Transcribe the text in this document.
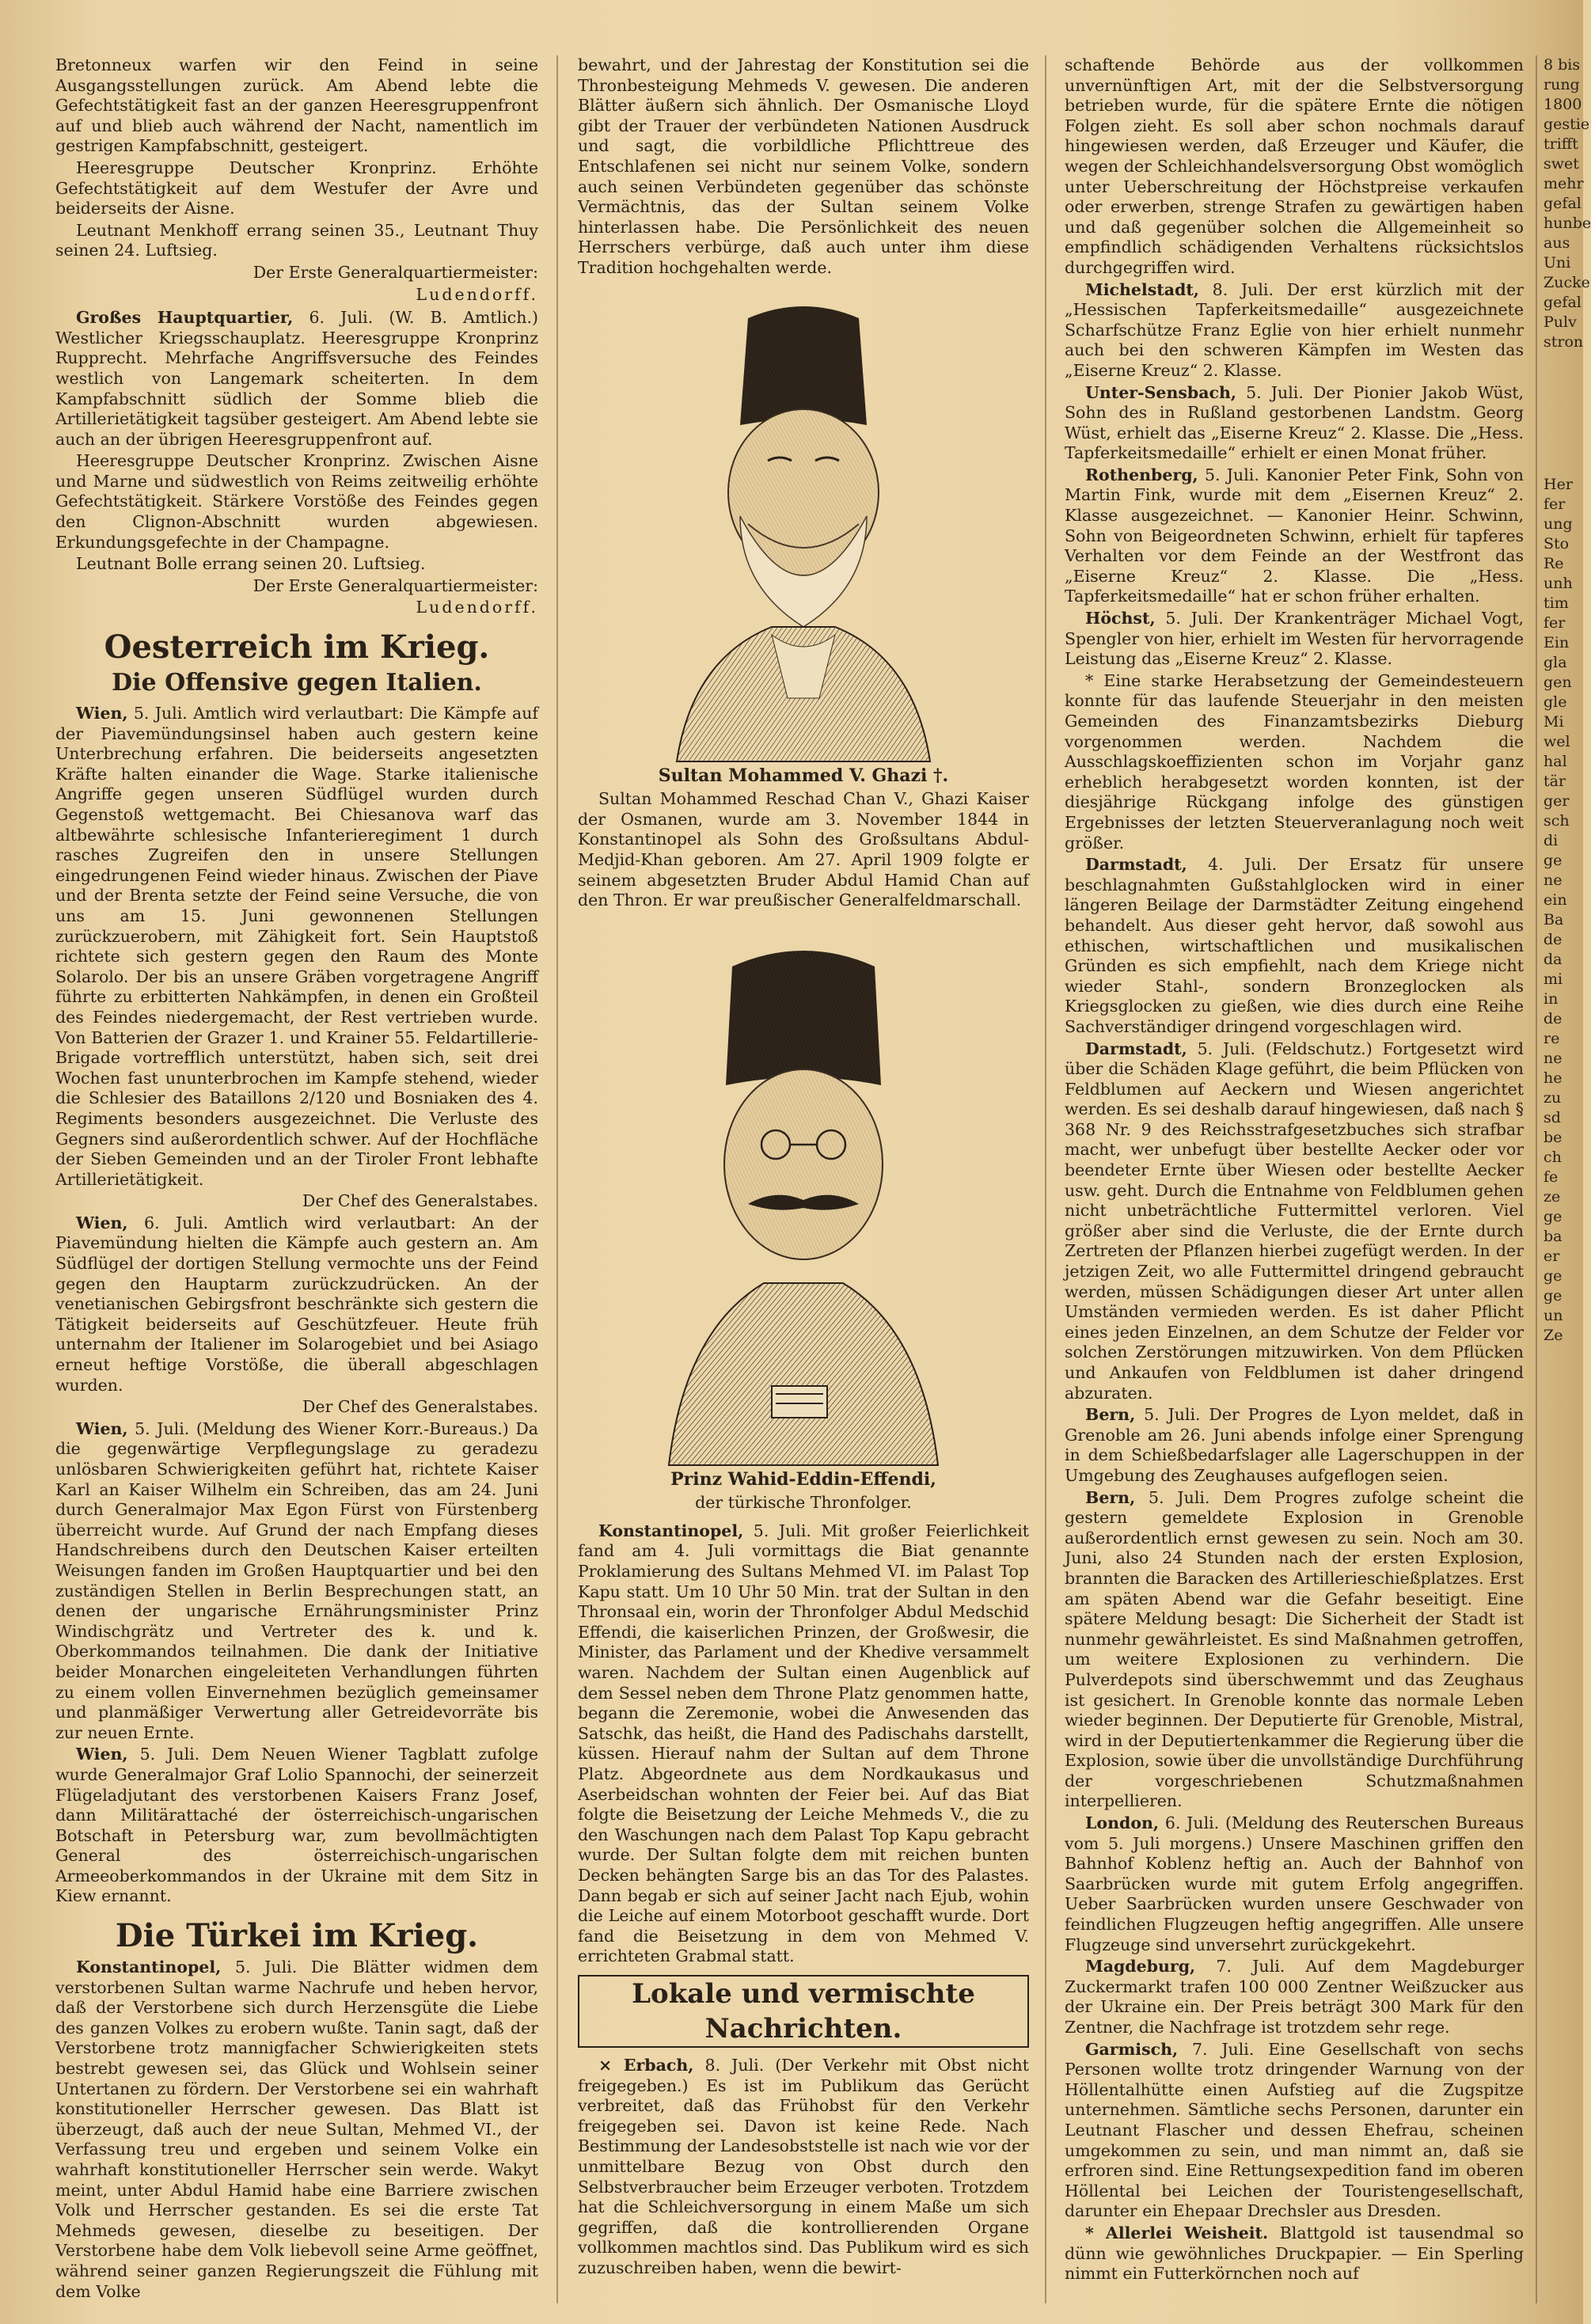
Bretonneux warfen wir den Feind in seine Ausgangsstellungen zurück. Am Abend lebte die Gefechtstätigkeit fast an der ganzen Heeresgruppenfront auf und blieb auch während der Nacht, namentlich im gestrigen Kampfabschnitt, gesteigert.

Heeresgruppe Deutscher Kronprinz. Erhöhte Gefechtstätigkeit auf dem Westufer der Avre und beiderseits der Aisne.

Leutnant Menkhoff errang seinen 35., Leutnant Thuy seinen 24. Luftsieg.

Der Erste Generalquartiermeister:
Ludendorff.

Großes Hauptquartier, 6. Juli. (W. B. Amtlich.) Westlicher Kriegsschauplatz. Heeresgruppe Kronprinz Rupprecht. Mehrfache Angriffsversuche des Feindes westlich von Langemark scheiterten. In dem Kampfabschnitt südlich der Somme blieb die Artillerietätigkeit tagsüber gesteigert. Am Abend lebte sie auch an der übrigen Heeresgruppenfront auf.

Heeresgruppe Deutscher Kronprinz. Zwischen Aisne und Marne und südwestlich von Reims zeitweilig erhöhte Gefechtstätigkeit. Stärkere Vorstöße des Feindes gegen den Clignon-Abschnitt wurden abgewiesen. Erkundungsgefechte in der Champagne.

Leutnant Bolle errang seinen 20. Luftsieg.

Der Erste Generalquartiermeister:
Ludendorff.
Oesterreich im Krieg.
Die Offensive gegen Italien.

Wien, 5. Juli. Amtlich wird verlautbart: Die Kämpfe auf der Piavemündungsinsel haben auch gestern keine Unterbrechung erfahren. Die beiderseits angesetzten Kräfte halten einander die Wage. Starke italienische Angriffe gegen unseren Südflügel wurden durch Gegenstoß wettgemacht. Bei Chiesanova warf das altbewährte schlesische Infanterieregiment 1 durch rasches Zugreifen den in unsere Stellungen eingedrungenen Feind wieder hinaus. Zwischen der Piave und der Brenta setzte der Feind seine Versuche, die von uns am 15. Juni gewonnenen Stellungen zurückzuerobern, mit Zähigkeit fort. Sein Hauptstoß richtete sich gestern gegen den Raum des Monte Solarolo. Der bis an unsere Gräben vorgetragene Angriff führte zu erbitterten Nahkämpfen, in denen ein Großteil des Feindes niedergemacht, der Rest vertrieben wurde. Von Batterien der Grazer 1. und Krainer 55. Feldartillerie-Brigade vortrefflich unterstützt, haben sich, seit drei Wochen fast ununterbrochen im Kampfe stehend, wieder die Schlesier des Bataillons 2/120 und Bosniaken des 4. Regiments besonders ausgezeichnet. Die Verluste des Gegners sind außerordentlich schwer. Auf der Hochfläche der Sieben Gemeinden und an der Tiroler Front lebhafte Artillerietätigkeit.

Der Chef des Generalstabes.

Wien, 6. Juli. Amtlich wird verlautbart: An der Piavemündung hielten die Kämpfe auch gestern an. Am Südflügel der dortigen Stellung vermochte uns der Feind gegen den Hauptarm zurückzudrücken. An der venetianischen Gebirgsfront beschränkte sich gestern die Tätigkeit beiderseits auf Geschützfeuer. Heute früh unternahm der Italiener im Solarogebiet und bei Asiago erneut heftige Vorstöße, die überall abgeschlagen wurden.

Der Chef des Generalstabes.

Wien, 5. Juli. (Meldung des Wiener Korr.-Bureaus.) Da die gegenwärtige Verpflegungslage zu geradezu unlösbaren Schwierigkeiten geführt hat, richtete Kaiser Karl an Kaiser Wilhelm ein Schreiben, das am 24. Juni durch Generalmajor Max Egon Fürst von Fürstenberg überreicht wurde. Auf Grund der nach Empfang dieses Handschreibens durch den Deutschen Kaiser erteilten Weisungen fanden im Großen Hauptquartier und bei den zuständigen Stellen in Berlin Besprechungen statt, an denen der ungarische Ernährungsminister Prinz Windischgrätz und Vertreter des k. und k. Oberkommandos teilnahmen. Die dank der Initiative beider Monarchen eingeleiteten Verhandlungen führten zu einem vollen Einvernehmen bezüglich gemeinsamer und planmäßiger Verwertung aller Getreidevorräte bis zur neuen Ernte.

Wien, 5. Juli. Dem Neuen Wiener Tagblatt zufolge wurde Generalmajor Graf Lolio Spannochi, der seinerzeit Flügeladjutant des verstorbenen Kaisers Franz Josef, dann Militärattaché der österreichisch-ungarischen Botschaft in Petersburg war, zum bevollmächtigten General des österreichisch-ungarischen Armeeoberkommandos in der Ukraine mit dem Sitz in Kiew ernannt.

Die Türkei im Krieg.

Konstantinopel, 5. Juli. Die Blätter widmen dem verstorbenen Sultan warme Nachrufe und heben hervor, daß der Verstorbene sich durch Herzensgüte die Liebe des ganzen Volkes zu erobern wußte. Tanin sagt, daß der Verstorbene trotz mannigfacher Schwierigkeiten stets bestrebt gewesen sei, das Glück und Wohlsein seiner Untertanen zu fördern. Der Verstorbene sei ein wahrhaft konstitutioneller Herrscher gewesen. Das Blatt ist überzeugt, daß auch der neue Sultan, Mehmed VI., der Verfassung treu und ergeben und seinem Volke ein wahrhaft konstitutioneller Herrscher sein werde. Wakyt meint, unter Abdul Hamid habe eine Barriere zwischen Volk und Herrscher gestanden. Es sei die erste Tat Mehmeds gewesen, dieselbe zu beseitigen. Der Verstorbene habe dem Volk liebevoll seine Arme geöffnet, während seiner ganzen Regierungszeit die Fühlung mit dem Volke

bewahrt, und der Jahrestag der Konstitution sei die Thronbesteigung Mehmeds V. gewesen. Die anderen Blätter äußern sich ähnlich. Der Osmanische Lloyd gibt der Trauer der verbündeten Nationen Ausdruck und sagt, die vorbildliche Pflichttreue des Entschlafenen sei nicht nur seinem Volke, sondern auch seinen Verbündeten gegenüber das schönste Vermächtnis, das der Sultan seinem Volke hinterlassen habe. Die Persönlichkeit des neuen Herrschers verbürge, daß auch unter ihm diese Tradition hochgehalten werde.

Sultan Mohammed V. Ghazi †.

Sultan Mohammed Reschad Chan V., Ghazi Kaiser der Osmanen, wurde am 3. November 1844 in Konstantinopel als Sohn des Großsultans Abdul-Medjid-Khan geboren. Am 27. April 1909 folgte er seinem abgesetzten Bruder Abdul Hamid Chan auf den Thron. Er war preußischer Generalfeldmarschall.

Prinz Wahid-Eddin-Effendi,
der türkische Thronfolger.

Konstantinopel, 5. Juli. Mit großer Feierlichkeit fand am 4. Juli vormittags die Biat genannte Proklamierung des Sultans Mehmed VI. im Palast Top Kapu statt. Um 10 Uhr 50 Min. trat der Sultan in den Thronsaal ein, worin der Thronfolger Abdul Medschid Effendi, die kaiserlichen Prinzen, der Großwesir, die Minister, das Parlament und der Khedive versammelt waren. Nachdem der Sultan einen Augenblick auf dem Sessel neben dem Throne Platz genommen hatte, begann die Zeremonie, wobei die Anwesenden das Satschk, das heißt, die Hand des Padischahs darstellt, küssen. Hierauf nahm der Sultan auf dem Throne Platz. Abgeordnete aus dem Nordkaukasus und Aserbeidschan wohnten der Feier bei. Auf das Biat folgte die Beisetzung der Leiche Mehmeds V., die zu den Waschungen nach dem Palast Top Kapu gebracht wurde. Der Sultan folgte dem mit reichen bunten Decken behängten Sarge bis an das Tor des Palastes. Dann begab er sich auf seiner Jacht nach Ejub, wohin die Leiche auf einem Motorboot geschafft wurde. Dort fand die Beisetzung in dem von Mehmed V. errichteten Grabmal statt.

Lokale und vermischte Nachrichten.

× Erbach, 8. Juli. (Der Verkehr mit Obst nicht freigegeben.) Es ist im Publikum das Gerücht verbreitet, daß das Frühobst für den Verkehr freigegeben sei. Davon ist keine Rede. Nach Bestimmung der Landesobststelle ist nach wie vor der unmittelbare Bezug von Obst durch den Selbstverbraucher beim Erzeuger verboten. Trotzdem hat die Schleichversorgung in einem Maße um sich gegriffen, daß die kontrollierenden Organe vollkommen machtlos sind. Das Publikum wird es sich zuzuschreiben haben, wenn die bewirt-

schaftende Behörde aus der vollkommen unvernünftigen Art, mit der die Selbstversorgung betrieben wurde, für die spätere Ernte die nötigen Folgen zieht. Es soll aber schon nochmals darauf hingewiesen werden, daß Erzeuger und Käufer, die wegen der Schleichhandelsversorgung Obst womöglich unter Ueberschreitung der Höchstpreise verkaufen oder erwerben, strenge Strafen zu gewärtigen haben und daß gegenüber solchen die Allgemeinheit so empfindlich schädigenden Verhaltens rücksichtslos durchgegriffen wird.

Michelstadt, 8. Juli. Der erst kürzlich mit der „Hessischen Tapferkeitsmedaille“ ausgezeichnete Scharfschütze Franz Eglie von hier erhielt nunmehr auch bei den schweren Kämpfen im Westen das „Eiserne Kreuz“ 2. Klasse.

Unter-Sensbach, 5. Juli. Der Pionier Jakob Wüst, Sohn des in Rußland gestorbenen Landstm. Georg Wüst, erhielt das „Eiserne Kreuz“ 2. Klasse. Die „Hess. Tapferkeitsmedaille“ erhielt er einen Monat früher.

Rothenberg, 5. Juli. Kanonier Peter Fink, Sohn von Martin Fink, wurde mit dem „Eisernen Kreuz“ 2. Klasse ausgezeichnet. — Kanonier Heinr. Schwinn, Sohn von Beigeordneten Schwinn, erhielt für tapferes Verhalten vor dem Feinde an der Westfront das „Eiserne Kreuz“ 2. Klasse. Die „Hess. Tapferkeitsmedaille“ hat er schon früher erhalten.

Höchst, 5. Juli. Der Krankenträger Michael Vogt, Spengler von hier, erhielt im Westen für hervorragende Leistung das „Eiserne Kreuz“ 2. Klasse.

* Eine starke Herabsetzung der Gemeindesteuern konnte für das laufende Steuerjahr in den meisten Gemeinden des Finanzamtsbezirks Dieburg vorgenommen werden. Nachdem die Ausschlagskoeffizienten schon im Vorjahr ganz erheblich herabgesetzt worden konnten, ist der diesjährige Rückgang infolge des günstigen Ergebnisses der letzten Steuerveranlagung noch weit größer.

Darmstadt, 4. Juli. Der Ersatz für unsere beschlagnahmten Gußstahlglocken wird in einer längeren Beilage der Darmstädter Zeitung eingehend behandelt. Aus dieser geht hervor, daß sowohl aus ethischen, wirtschaftlichen und musikalischen Gründen es sich empfiehlt, nach dem Kriege nicht wieder Stahl-, sondern Bronzeglocken als Kriegsglocken zu gießen, wie dies durch eine Reihe Sachverständiger dringend vorgeschlagen wird.

Darmstadt, 5. Juli. (Feldschutz.) Fortgesetzt wird über die Schäden Klage geführt, die beim Pflücken von Feldblumen auf Aeckern und Wiesen angerichtet werden. Es sei deshalb darauf hingewiesen, daß nach § 368 Nr. 9 des Reichsstrafgesetzbuches sich strafbar macht, wer unbefugt über bestellte Aecker oder vor beendeter Ernte über Wiesen oder bestellte Aecker usw. geht. Durch die Entnahme von Feldblumen gehen nicht unbeträchtliche Futtermittel verloren. Viel größer aber sind die Verluste, die der Ernte durch Zertreten der Pflanzen hierbei zugefügt werden. In der jetzigen Zeit, wo alle Futtermittel dringend gebraucht werden, müssen Schädigungen dieser Art unter allen Umständen vermieden werden. Es ist daher Pflicht eines jeden Einzelnen, an dem Schutze der Felder vor solchen Zerstörungen mitzuwirken. Von dem Pflücken und Ankaufen von Feldblumen ist daher dringend abzuraten.

Bern, 5. Juli. Der Progres de Lyon meldet, daß in Grenoble am 26. Juni abends infolge einer Sprengung in dem Schießbedarfslager alle Lagerschuppen in der Umgebung des Zeughauses aufgeflogen seien.

Bern, 5. Juli. Dem Progres zufolge scheint die gestern gemeldete Explosion in Grenoble außerordentlich ernst gewesen zu sein. Noch am 30. Juni, also 24 Stunden nach der ersten Explosion, brannten die Baracken des Artillerieschießplatzes. Erst am späten Abend war die Gefahr beseitigt. Eine spätere Meldung besagt: Die Sicherheit der Stadt ist nunmehr gewährleistet. Es sind Maßnahmen getroffen, um weitere Explosionen zu verhindern. Die Pulverdepots sind überschwemmt und das Zeughaus ist gesichert. In Grenoble konnte das normale Leben wieder beginnen. Der Deputierte für Grenoble, Mistral, wird in der Deputiertenkammer die Regierung über die Explosion, sowie über die unvollständige Durchführung der vorgeschriebenen Schutzmaßnahmen interpellieren.

London, 6. Juli. (Meldung des Reuterschen Bureaus vom 5. Juli morgens.) Unsere Maschinen griffen den Bahnhof Koblenz heftig an. Auch der Bahnhof von Saarbrücken wurde mit gutem Erfolg angegriffen. Ueber Saarbrücken wurden unsere Geschwader von feindlichen Flugzeugen heftig angegriffen. Alle unsere Flugzeuge sind unversehrt zurückgekehrt.

Magdeburg, 7. Juli. Auf dem Magdeburger Zuckermarkt trafen 100 000 Zentner Weißzucker aus der Ukraine ein. Der Preis beträgt 300 Mark für den Zentner, die Nachfrage ist trotzdem sehr rege.

Garmisch, 7. Juli. Eine Gesellschaft von sechs Personen wollte trotz dringender Warnung von der Höllentalhütte einen Aufstieg auf die Zugspitze unternehmen. Sämtliche sechs Personen, darunter ein Leutnant Flascher und dessen Ehefrau, scheinen umgekommen zu sein, und man nimmt an, daß sie erfroren sind. Eine Rettungsexpedition fand im oberen Höllental bei Leichen der Touristengesellschaft, darunter ein Ehepaar Drechsler aus Dresden.

* Allerlei Weisheit. Blattgold ist tausendmal so dünn wie gewöhnliches Druckpapier. — Ein Sperling nimmt ein Futterkörnchen noch auf

8 bis
rung
1800
gestie
trifft
swet
mehr
gefal
hunbe
aus
Uni
Zucke
gefal
Pulv
stron

Her
fer
ung
Sto
Re
unh
tim
fer
Ein
gla
gen
gle
Mi
wel
hal
tär
ger
sch
di
ge
ne
ein
Ba
de
da
mi
in
de
re
ne
he
zu
sd
be
ch
fe
ze
ge
ba
er
ge
ge
un
Ze
